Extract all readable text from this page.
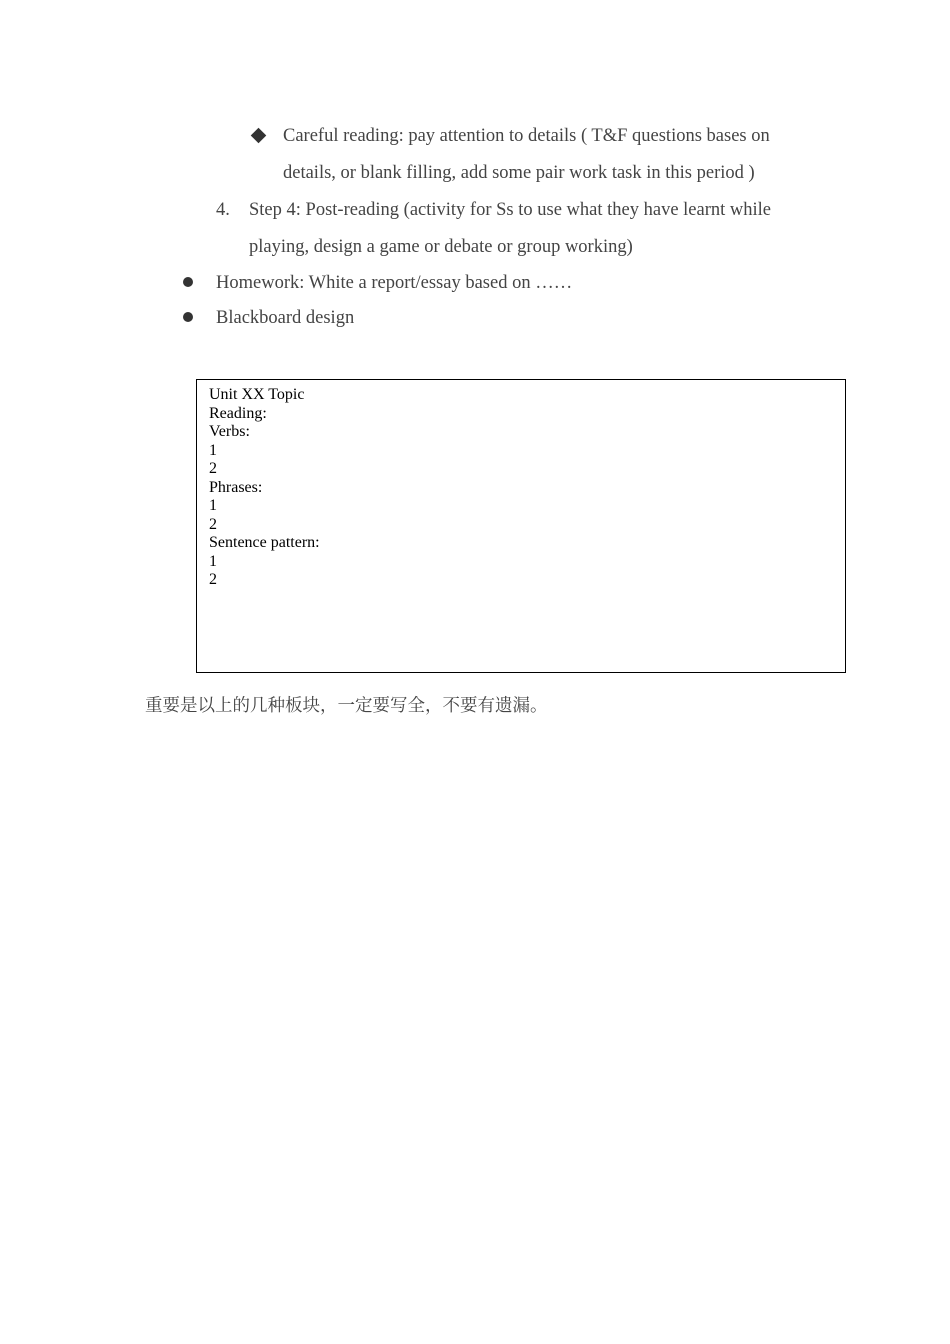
Careful reading: pay attention to details ( T&F questions bases on
details, or blank filling, add some pair work task in this period )
4. Step 4: Post-reading (activity for Ss to use what they have learnt while
playing, design a game or debate or group working)
Homework: White a report/essay based on ……
Blackboard design
Unit XX Topic
Reading:
Verbs:
1
2
Phrases:
1
2
Sentence pattern:
1
2
重要是以上的几种板块，一定要写全，不要有遗漏。
